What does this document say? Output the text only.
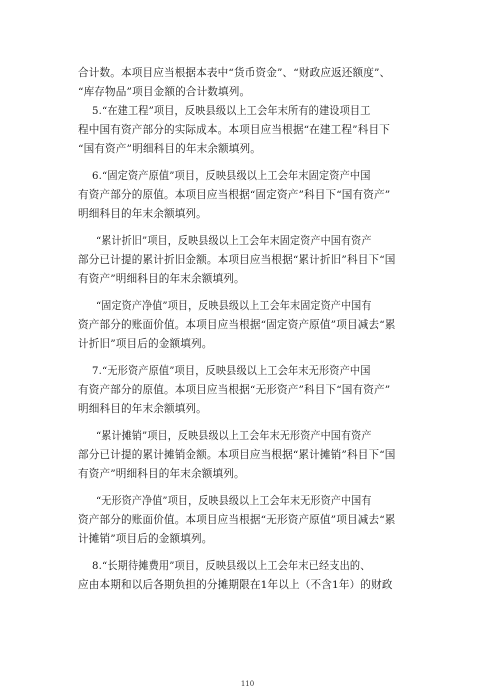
合计数。本项目应当根据本表中“货币资金”、“财政应返还额度”、
“库存物品”项目金额的合计数填列。
5.“在建工程”项目，反映县级以上工会年末所有的建设项目工
程中国有资产部分的实际成本。本项目应当根据“在建工程”科目下
“国有资产”明细科目的年末余额填列。
6.“固定资产原值”项目，反映县级以上工会年末固定资产中国
有资产部分的原值。本项目应当根据“固定资产”科目下“国有资产”
明细科目的年末余额填列。
“累计折旧”项目，反映县级以上工会年末固定资产中国有资产
部分已计提的累计折旧金额。本项目应当根据“累计折旧”科目下“国
有资产”明细科目的年末余额填列。
“固定资产净值”项目，反映县级以上工会年末固定资产中国有
资产部分的账面价值。本项目应当根据“固定资产原值”项目减去“累
计折旧”项目后的金额填列。
7.“无形资产原值”项目，反映县级以上工会年末无形资产中国
有资产部分的原值。本项目应当根据“无形资产”科目下“国有资产”
明细科目的年末余额填列。
“累计摊销”项目，反映县级以上工会年末无形资产中国有资产
部分已计提的累计摊销金额。本项目应当根据“累计摊销”科目下“国
有资产”明细科目的年末余额填列。
“无形资产净值”项目，反映县级以上工会年末无形资产中国有
资产部分的账面价值。本项目应当根据“无形资产原值”项目减去“累
计摊销”项目后的金额填列。
8.“长期待摊费用”项目，反映县级以上工会年末已经支出的、
应由本期和以后各期负担的分摊期限在1年以上（不含1年）的财政
110
